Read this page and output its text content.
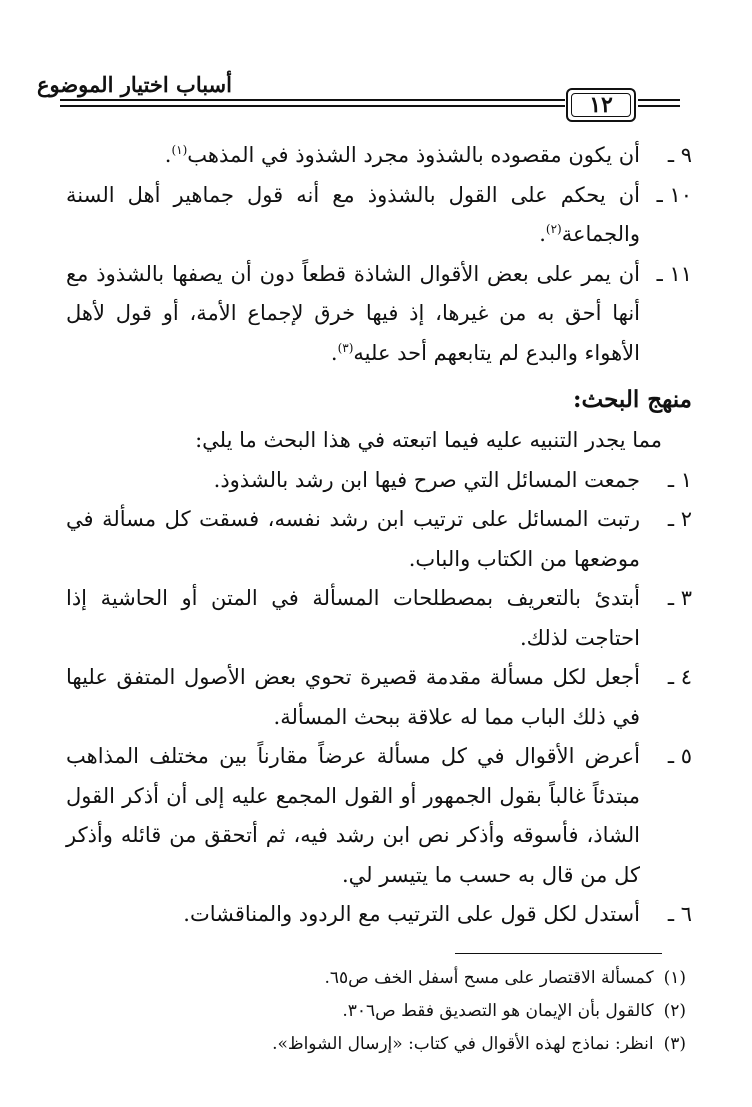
أسباب اختيار الموضوع
١٢
٩ ـ
أن يكون مقصوده بالشذوذ مجرد الشذوذ في المذهب$^{(١)}$.
١٠ ـ
أن يحكم على القول بالشذوذ مع أنه قول جماهير أهل السنة والجماعة$^{(٢)}$.
١١ ـ
أن يمر على بعض الأقوال الشاذة قطعاً دون أن يصفها بالشذوذ مع أنها أحق به من غيرها، إذ فيها خرق لإجماع الأمة، أو قول لأهل الأهواء والبدع لم يتابعهم أحد عليه$^{(٣)}$.
منهج البحث:
مما يجدر التنبيه عليه فيما اتبعته في هذا البحث ما يلي:
١ ـ
جمعت المسائل التي صرح فيها ابن رشد بالشذوذ.
٢ ـ
رتبت المسائل على ترتيب ابن رشد نفسه، فسقت كل مسألة في موضعها من الكتاب والباب.
٣ ـ
أبتدئ بالتعريف بمصطلحات المسألة في المتن أو الحاشية إذا احتاجت لذلك.
٤ ـ
أجعل لكل مسألة مقدمة قصيرة تحوي بعض الأصول المتفق عليها في ذلك الباب مما له علاقة ببحث المسألة.
٥ ـ
أعرض الأقوال في كل مسألة عرضاً مقارناً بين مختلف المذاهب مبتدئاً غالباً بقول الجمهور أو القول المجمع عليه إلى أن أذكر القول الشاذ، فأسوقه وأذكر نص ابن رشد فيه، ثم أتحقق من قائله وأذكر كل من قال به حسب ما يتيسر لي.
٦ ـ
أستدل لكل قول على الترتيب مع الردود والمناقشات.
(١)
كمسألة الاقتصار على مسح أسفل الخف ص٦٥.
(٢)
كالقول بأن الإيمان هو التصديق فقط ص٣٠٦.
(٣)
انظر: نماذج لهذه الأقوال في كتاب: «إرسال الشواظ».
